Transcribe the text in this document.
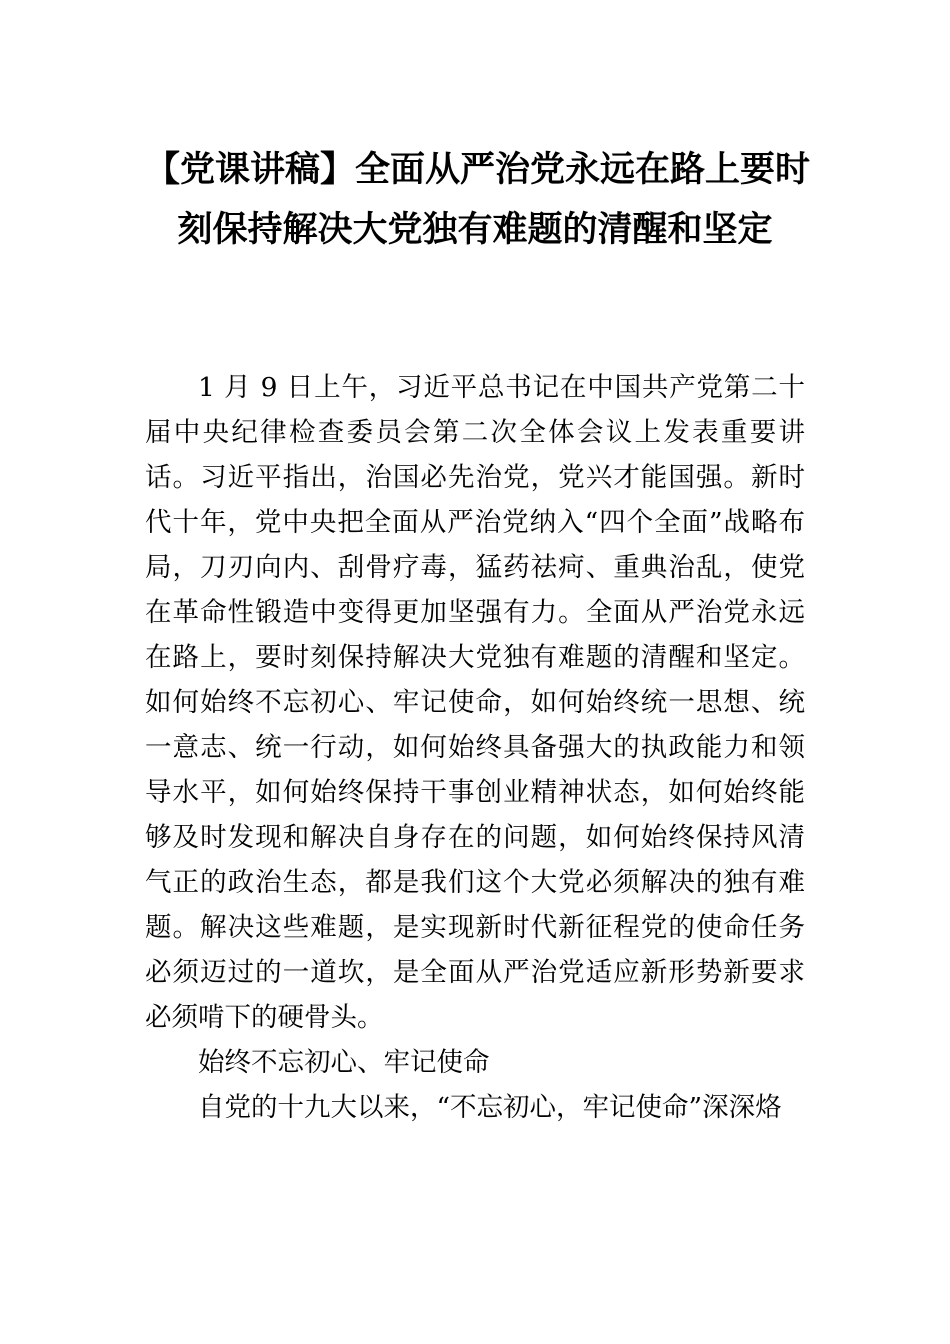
【党课讲稿】全面从严治党永远在路上要时
刻保持解决大党独有难题的清醒和坚定

1 月 9 日上午，习近平总书记在中国共产党第二十届中央纪律检查委员会第二次全体会议上发表重要讲话。习近平指出，治国必先治党，党兴才能国强。新时代十年，党中央把全面从严治党纳入“四个全面”战略布局，刀刃向内、刮骨疗毒，猛药祛疴、重典治乱，使党在革命性锻造中变得更加坚强有力。全面从严治党永远在路上，要时刻保持解决大党独有难题的清醒和坚定。如何始终不忘初心、牢记使命，如何始终统一思想、统一意志、统一行动，如何始终具备强大的执政能力和领导水平，如何始终保持干事创业精神状态，如何始终能够及时发现和解决自身存在的问题，如何始终保持风清气正的政治生态，都是我们这个大党必须解决的独有难题。解决这些难题，是实现新时代新征程党的使命任务必须迈过的一道坎，是全面从严治党适应新形势新要求必须啃下的硬骨头。

始终不忘初心、牢记使命

自党的十九大以来，“不忘初心，牢记使命”深深烙
